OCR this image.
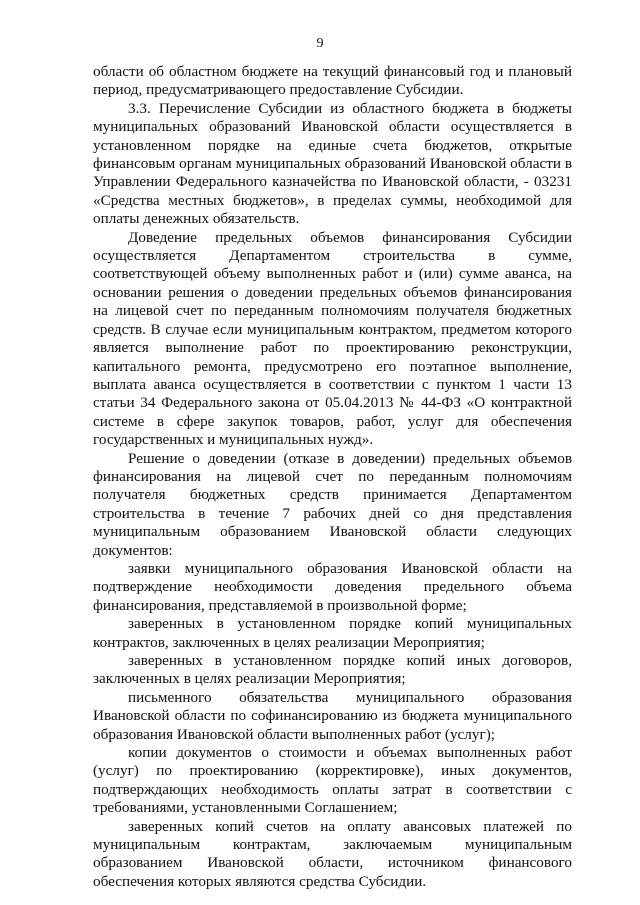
9

области об областном бюджете на текущий финансовый год и плановый период, предусматривающего предоставление Субсидии.

3.3. Перечисление Субсидии из областного бюджета в бюджеты муниципальных образований Ивановской области осуществляется в установленном порядке на единые счета бюджетов, открытые финансовым органам муниципальных образований Ивановской области в Управлении Федерального казначейства по Ивановской области, - 03231 «Средства местных бюджетов», в пределах суммы, необходимой для оплаты денежных обязательств.

Доведение предельных объемов финансирования Субсидии осуществляется Департаментом строительства в сумме, соответствующей объему выполненных работ и (или) сумме аванса, на основании решения о доведении предельных объемов финансирования на лицевой счет по переданным полномочиям получателя бюджетных средств. В случае если муниципальным контрактом, предметом которого является выполнение работ по проектированию реконструкции, капитального ремонта, предусмотрено его поэтапное выполнение, выплата аванса осуществляется в соответствии с пунктом 1 части 13 статьи 34 Федерального закона от 05.04.2013 № 44-ФЗ «О контрактной системе в сфере закупок товаров, работ, услуг для обеспечения государственных и муниципальных нужд».

Решение о доведении (отказе в доведении) предельных объемов финансирования на лицевой счет по переданным полномочиям получателя бюджетных средств принимается Департаментом строительства в течение 7 рабочих дней со дня представления муниципальным образованием Ивановской области следующих документов:

заявки муниципального образования Ивановской области на подтверждение необходимости доведения предельного объема финансирования, представляемой в произвольной форме;

заверенных в установленном порядке копий муниципальных контрактов, заключенных в целях реализации Мероприятия;

заверенных в установленном порядке копий иных договоров, заключенных в целях реализации Мероприятия;

письменного обязательства муниципального образования Ивановской области по софинансированию из бюджета муниципального образования Ивановской области выполненных работ (услуг);

копии документов о стоимости и объемах выполненных работ (услуг) по проектированию (корректировке), иных документов, подтверждающих необходимость оплаты затрат в соответствии с требованиями, установленными Соглашением;

заверенных копий счетов на оплату авансовых платежей по муниципальным контрактам, заключаемым муниципальным образованием Ивановской области, источником финансового обеспечения которых являются средства Субсидии.
